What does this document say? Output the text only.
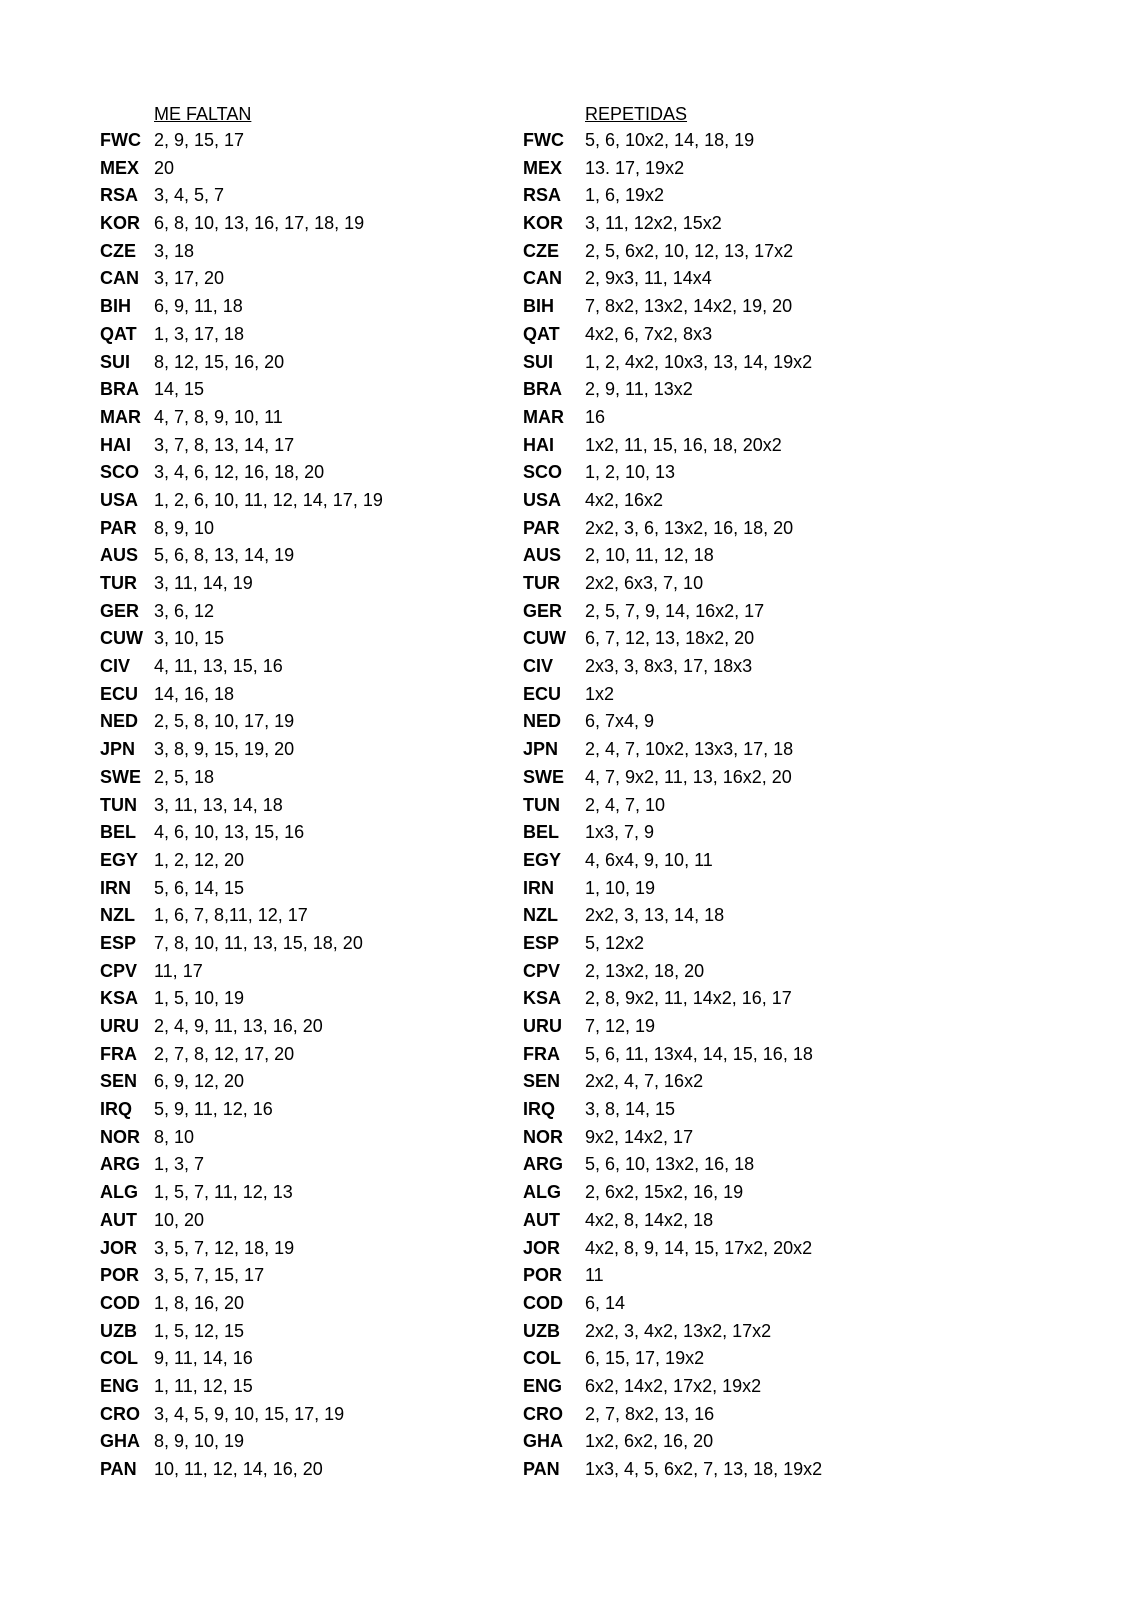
ME FALTAN
FWC 2, 9, 15, 17
MEX 20
RSA 3, 4, 5, 7
KOR 6, 8, 10, 13, 16, 17, 18, 19
CZE	3, 18
CAN 3, 17, 20
BIH	6, 9, 11, 18
QAT 1, 3, 17, 18
SUI	8, 12, 15, 16, 20
BRA 14, 15
MAR 4, 7, 8, 9, 10, 11
HAI	3, 7, 8, 13, 14, 17
SCO 3, 4, 6, 12, 16, 18, 20
USA 1, 2, 6, 10, 11, 12, 14, 17, 19
PAR 8, 9, 10
AUS 5, 6, 8, 13, 14, 19
TUR 3, 11, 14, 19
GER 3, 6, 12
CUW 3, 10, 15
CIV	4, 11, 13, 15, 16
ECU 14, 16, 18
NED 2, 5, 8, 10, 17, 19
JPN	3, 8, 9, 15, 19, 20
SWE 2, 5, 18
TUN 3, 11, 13, 14, 18
BEL	4, 6, 10, 13, 15, 16
EGY 1, 2, 12, 20
IRN	5, 6, 14, 15
NZL	1, 6, 7, 8,11, 12, 17
ESP 7, 8, 10, 11, 13, 15, 18, 20
CPV 11, 17
KSA 1, 5, 10, 19
URU 2, 4, 9, 11, 13, 16, 20
FRA 2, 7, 8, 12, 17, 20
SEN 6, 9, 12, 20
IRQ	5, 9, 11, 12, 16
NOR 8, 10
ARG 1, 3, 7
ALG 1, 5, 7, 11, 12, 13
AUT 10, 20
JOR 3, 5, 7, 12, 18, 19
POR 3, 5, 7, 15, 17
COD 1, 8, 16, 20
UZB 1, 5, 12, 15
COL 9, 11, 14, 16
ENG 1, 11, 12, 15
CRO 3, 4, 5, 9, 10, 15, 17, 19
GHA 8, 9, 10, 19
PAN 10, 11, 12, 14, 16, 20
REPETIDAS
FWC	5, 6, 10x2, 14, 18, 19
MEX	13. 17, 19x2
RSA	1, 6, 19x2
KOR	3, 11, 12x2, 15x2
CZE	2, 5, 6x2, 10, 12, 13, 17x2
CAN	2, 9x3, 11, 14x4
BIH	7, 8x2, 13x2, 14x2, 19, 20
QAT	4x2, 6, 7x2, 8x3
SUI	1, 2, 4x2, 10x3, 13, 14, 19x2
BRA	2, 9, 11, 13x2
MAR	16
HAI	1x2, 11, 15, 16, 18, 20x2
SCO	1, 2, 10, 13
USA	4x2, 16x2
PAR	2x2, 3, 6, 13x2, 16, 18, 20
AUS	2, 10, 11, 12, 18
TUR	2x2, 6x3, 7, 10
GER	2, 5, 7, 9, 14, 16x2, 17
CUW	6, 7, 12, 13, 18x2, 20
CIV	2x3, 3, 8x3, 17, 18x3
ECU	1x2
NED	6, 7x4, 9
JPN	2, 4, 7, 10x2, 13x3, 17, 18
SWE	4, 7, 9x2, 11, 13, 16x2, 20
TUN	2, 4, 7, 10
BEL	1x3, 7, 9
EGY	4, 6x4, 9, 10, 11
IRN	1, 10, 19
NZL	2x2, 3, 13, 14, 18
ESP	5, 12x2
CPV	2, 13x2, 18, 20
KSA	2, 8, 9x2, 11, 14x2, 16, 17
URU	7, 12, 19
FRA	5, 6, 11, 13x4, 14, 15, 16, 18
SEN	2x2, 4, 7, 16x2
IRQ	3, 8, 14, 15
NOR	9x2, 14x2, 17
ARG	5, 6, 10, 13x2, 16, 18
ALG	2, 6x2, 15x2, 16, 19
AUT	4x2, 8, 14x2, 18
JOR	4x2, 8, 9, 14, 15, 17x2, 20x2
POR	11
COD	6, 14
UZB	2x2, 3, 4x2, 13x2, 17x2
COL	6, 15, 17, 19x2
ENG	6x2, 14x2, 17x2, 19x2
CRO	2, 7, 8x2, 13, 16
GHA	1x2, 6x2, 16, 20
PAN	1x3, 4, 5, 6x2, 7, 13, 18, 19x2
